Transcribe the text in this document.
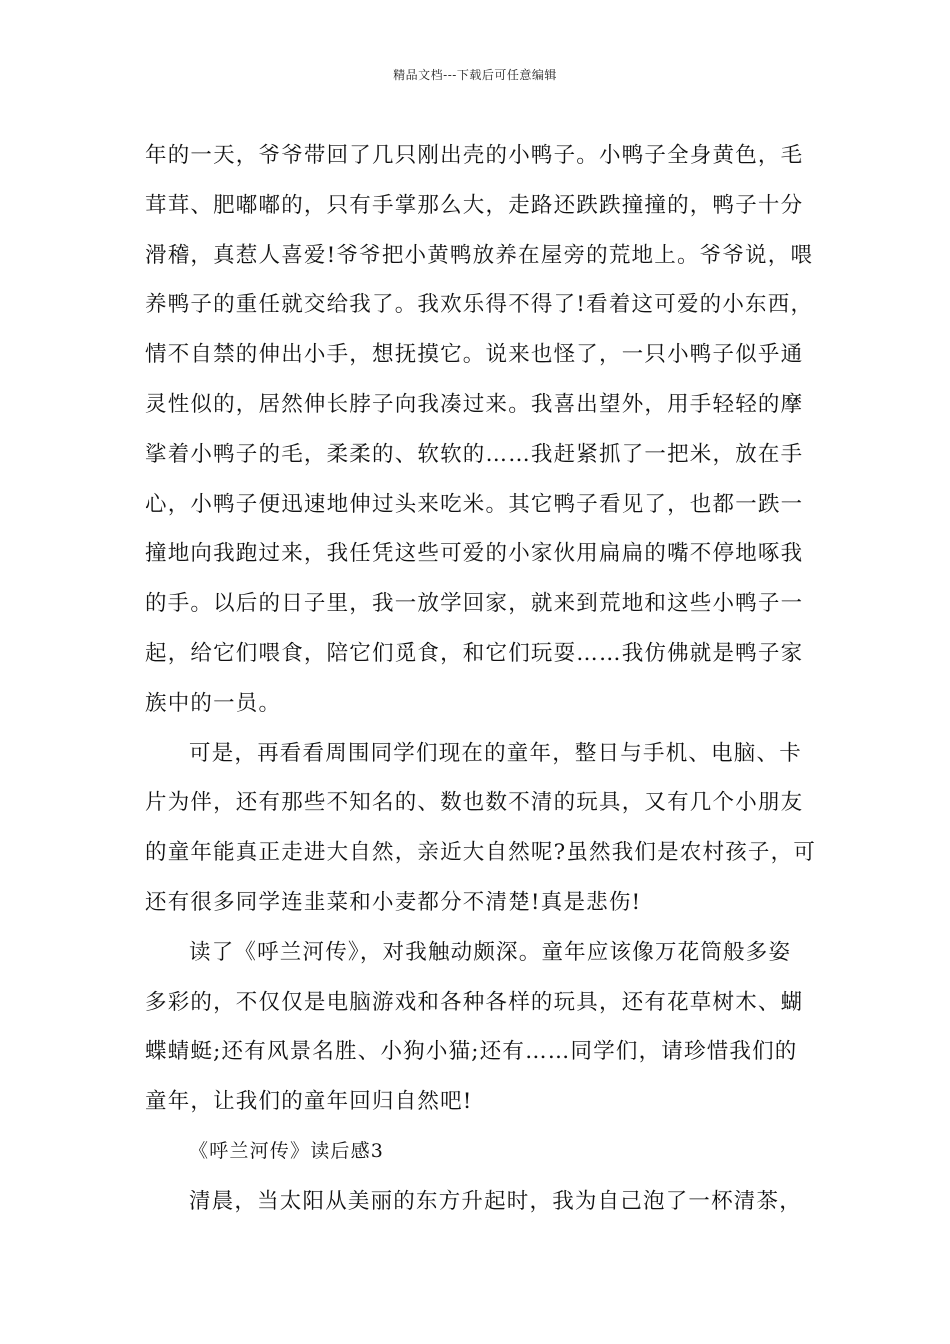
精品文档---下载后可任意编辑
年的一天，爷爷带回了几只刚出壳的小鸭子。小鸭子全身黄色，毛
茸茸、肥嘟嘟的，只有手掌那么大，走路还跌跌撞撞的，鸭子十分
滑稽，真惹人喜爱!爷爷把小黄鸭放养在屋旁的荒地上。爷爷说，喂
养鸭子的重任就交给我了。我欢乐得不得了!看着这可爱的小东西，
情不自禁的伸出小手，想抚摸它。说来也怪了，一只小鸭子似乎通
灵性似的，居然伸长脖子向我凑过来。我喜出望外，用手轻轻的摩
挲着小鸭子的毛，柔柔的、软软的……我赶紧抓了一把米，放在手
心，小鸭子便迅速地伸过头来吃米。其它鸭子看见了，也都一跌一
撞地向我跑过来，我任凭这些可爱的小家伙用扁扁的嘴不停地啄我
的手。以后的日子里，我一放学回家，就来到荒地和这些小鸭子一
起，给它们喂食，陪它们觅食，和它们玩耍……我仿佛就是鸭子家
族中的一员。
可是，再看看周围同学们现在的童年，整日与手机、电脑、卡
片为伴，还有那些不知名的、数也数不清的玩具，又有几个小朋友
的童年能真正走进大自然，亲近大自然呢?虽然我们是农村孩子，可
还有很多同学连韭菜和小麦都分不清楚!真是悲伤!
读了《呼兰河传》，对我触动颇深。童年应该像万花筒般多姿
多彩的，不仅仅是电脑游戏和各种各样的玩具，还有花草树木、蝴
蝶蜻蜓;还有风景名胜、小狗小猫;还有……同学们，请珍惜我们的
童年，让我们的童年回归自然吧!
《呼兰河传》读后感3
清晨，当太阳从美丽的东方升起时，我为自己泡了一杯清茶，
